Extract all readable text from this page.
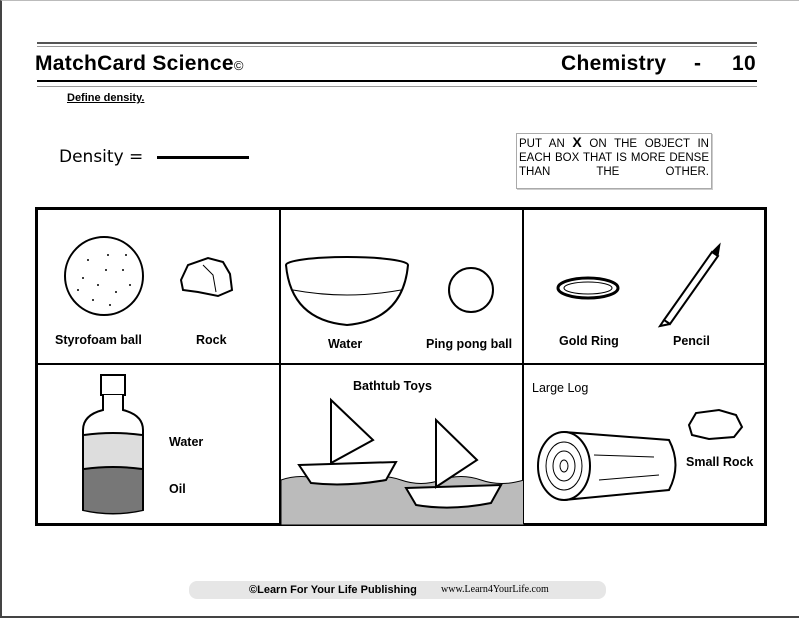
MatchCard Science©	Chemistry - 10
Define density.
Density =
PUT AN X ON THE OBJECT IN EACH BOX THAT IS MORE DENSE THAN THE OTHER.
Styrofoam ball	Rock	Water	Ping pong ball	Gold Ring	Pencil
Water
Oil
Bathtub Toys	Large Log
Small Rock
©Learn For Your Life Publishing www.Learn4YourLife.com
